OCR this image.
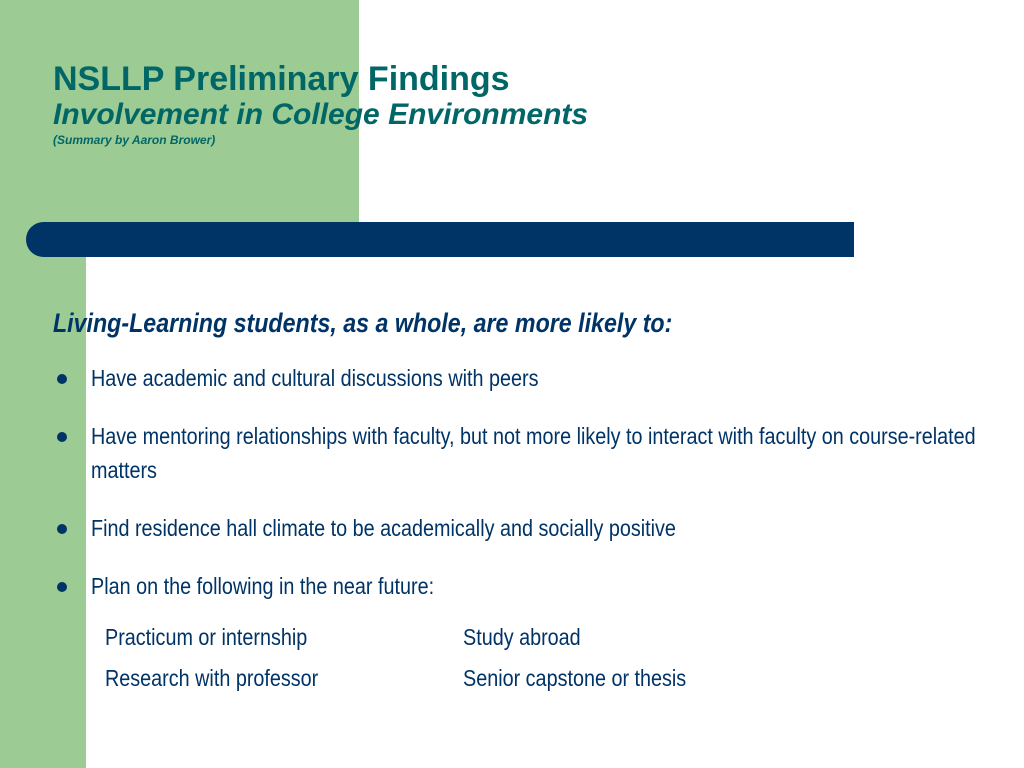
NSLLP Preliminary Findings
Involvement in College Environments
(Summary by Aaron Brower)
Living-Learning students, as a whole, are more likely to:
Have academic and cultural discussions with peers
Have mentoring relationships with faculty, but not more likely to interact with faculty on course-related matters
Find residence hall climate to be academically and socially positive
Plan on the following in the near future:
Practicum or internship	Study abroad
Research with professor	Senior capstone or thesis
